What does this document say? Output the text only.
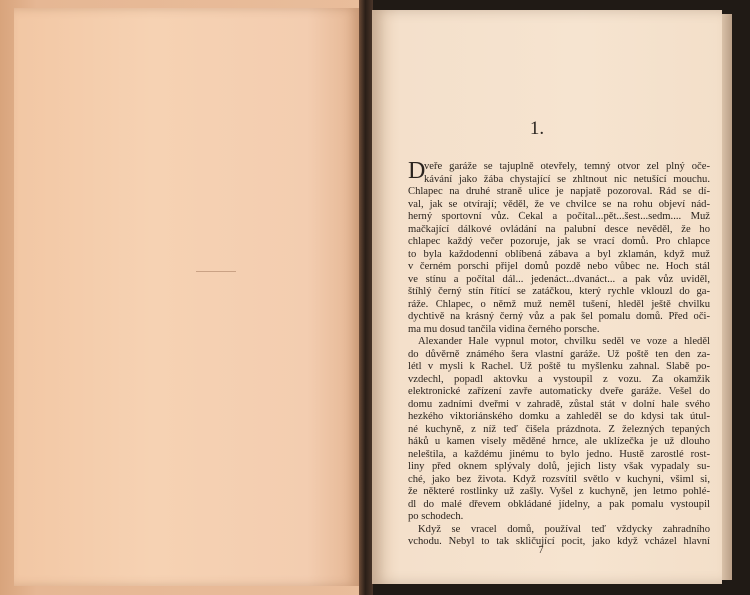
1.
D
veře garáže se tajuplně otevřely, temný otvor zel plný oče-
kávání jako žába chystající se zhltnout nic netušící mouchu.
Chlapec na druhé straně ulice je napjatě pozoroval. Rád se dí-
val, jak se otvírají; věděl, že ve chvilce se na rohu objeví nád-
herný sportovní vůz. Čekal a počítal...pět...šest...sedm.... Muž
mačkající dálkové ovládání na palubní desce nevěděl, že ho
chlapec každý večer pozoruje, jak se vrací domů. Pro chlapce
to byla každodenní oblíbená zábava a byl zklamán, když muž
v černém porschi přijel domů pozdě nebo vůbec ne. Hoch stál
ve stínu a počítal dál... jedenáct...dvanáct... a pak vůz uviděl,
štíhlý černý stín řítící se zatáčkou, který rychle vklouzl do ga-
ráže. Chlapec, o němž muž neměl tušení, hleděl ještě chvilku
dychtivě na krásný černý vůz a pak šel pomalu domů. Před oči-
ma mu dosud tančila vidina černého porsche.
Alexander Hale vypnul motor, chvilku seděl ve voze a hleděl
do důvěrně známého šera vlastní garáže. Už poště ten den za-
létl v mysli k Rachel. Už poště tu myšlenku zahnal. Slabě po-
vzdechl, popadl aktovku a vystoupil z vozu. Za okamžik
elektronické zařízení zavře automaticky dveře garáže. Vešel do
domu zadními dveřmi v zahradě, zůstal stát v dolní hale svého
hezkého viktoriánského domku a zahleděl se do kdysi tak útul-
né kuchyně, z níž teď čišela prázdnota. Z železných tepaných
háků u kamen visely měděné hrnce, ale uklízečka je už dlouho
neleštila, a každému jinému to bylo jedno. Hustě zarostlé rost-
liny před oknem splývaly dolů, jejich listy však vypadaly su-
ché, jako bez života. Když rozsvítil světlo v kuchyni, všiml si,
že některé rostlinky už zašly. Vyšel z kuchyně, jen letmo pohlé-
dl do malé dřevem obkládané jídelny, a pak pomalu vystoupil
po schodech.
Když se vracel domů, používal teď vždycky zahradního
vchodu. Nebyl to tak skličující pocit, jako když vcházel hlavní
7
